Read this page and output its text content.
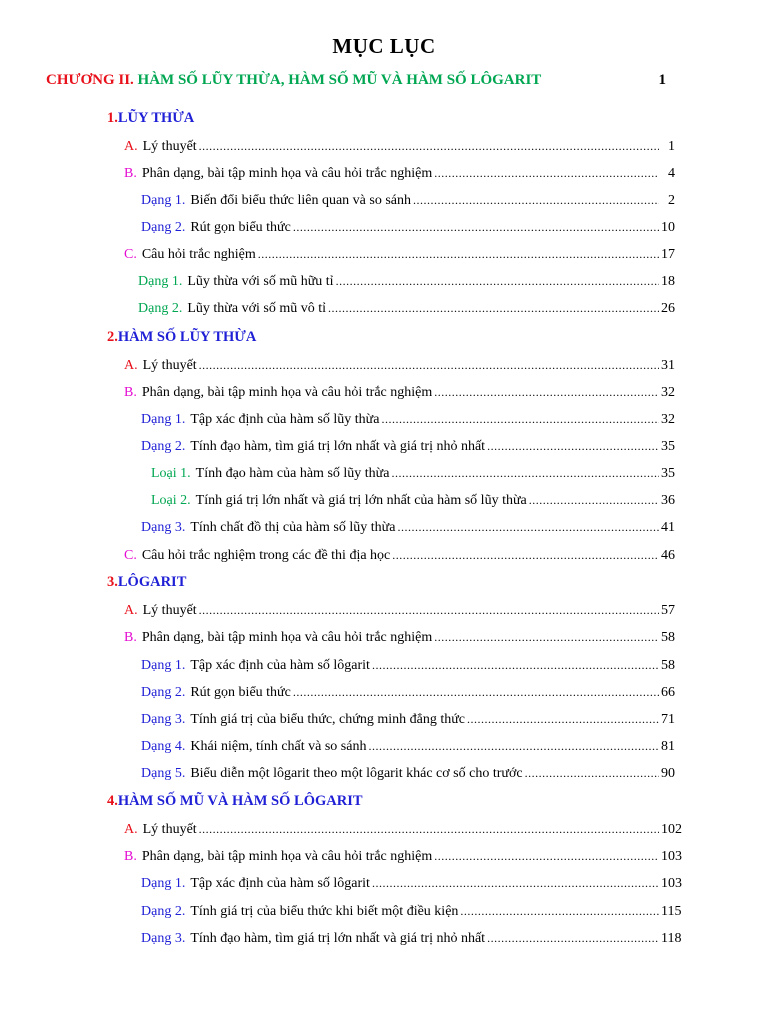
MỤC LỤC
CHƯƠNG II. HÀM SỐ LŨY THỪA, HÀM SỐ MŨ VÀ HÀM SỐ LÔGARIT	1
1.LŨY THỪA
A. Lý thuyết .....	1
B. Phân dạng, bài tập minh họa và câu hỏi trắc nghiệm .....	4
Dạng 1. Biến đổi biểu thức liên quan và so sánh .....	2
Dạng 2. Rút gọn biểu thức .....	10
C. Câu hỏi trắc nghiệm .....	17
Dạng 1. Lũy thừa với số mũ hữu tỉ .....	18
Dạng 2. Lũy thừa với số mũ vô tỉ .....	26
2.HÀM SỐ LŨY THỪA
A. Lý thuyết .....	31
B. Phân dạng, bài tập minh họa và câu hỏi trắc nghiệm .....	32
Dạng 1. Tập xác định của hàm số lũy thừa .....	32
Dạng 2. Tính đạo hàm, tìm giá trị lớn nhất và giá trị nhỏ nhất .....	35
Loại 1. Tính đạo hàm của hàm số lũy thừa .....	35
Loại 2. Tính giá trị lớn nhất và giá trị lớn nhất của hàm số lũy thừa .....	36
Dạng 3. Tính chất đồ thị của hàm số lũy thừa .....	41
C. Câu hỏi trắc nghiệm trong các đề thi địa học .....	46
3.LÔGARIT
A. Lý thuyết .....	57
B. Phân dạng, bài tập minh họa và câu hỏi trắc nghiệm .....	58
Dạng 1. Tập xác định của hàm số lôgarit .....	58
Dạng 2. Rút gọn biểu thức .....	66
Dạng 3. Tính giá trị của biểu thức, chứng minh đẳng thức .....	71
Dạng 4. Khái niệm, tính chất và so sánh .....	81
Dạng 5. Biểu diễn một lôgarit theo một lôgarit khác cơ số cho trước .....	90
4.HÀM SỐ MŨ VÀ HÀM SỐ LÔGARIT
A. Lý thuyết .....	102
B. Phân dạng, bài tập minh họa và câu hỏi trắc nghiệm .....	103
Dạng 1. Tập xác định của hàm số lôgarit .....	103
Dạng 2. Tính giá trị của biểu thức khi biết một điều kiện .....	115
Dạng 3. Tính đạo hàm, tìm giá trị lớn nhất và giá trị nhỏ nhất .....	118
